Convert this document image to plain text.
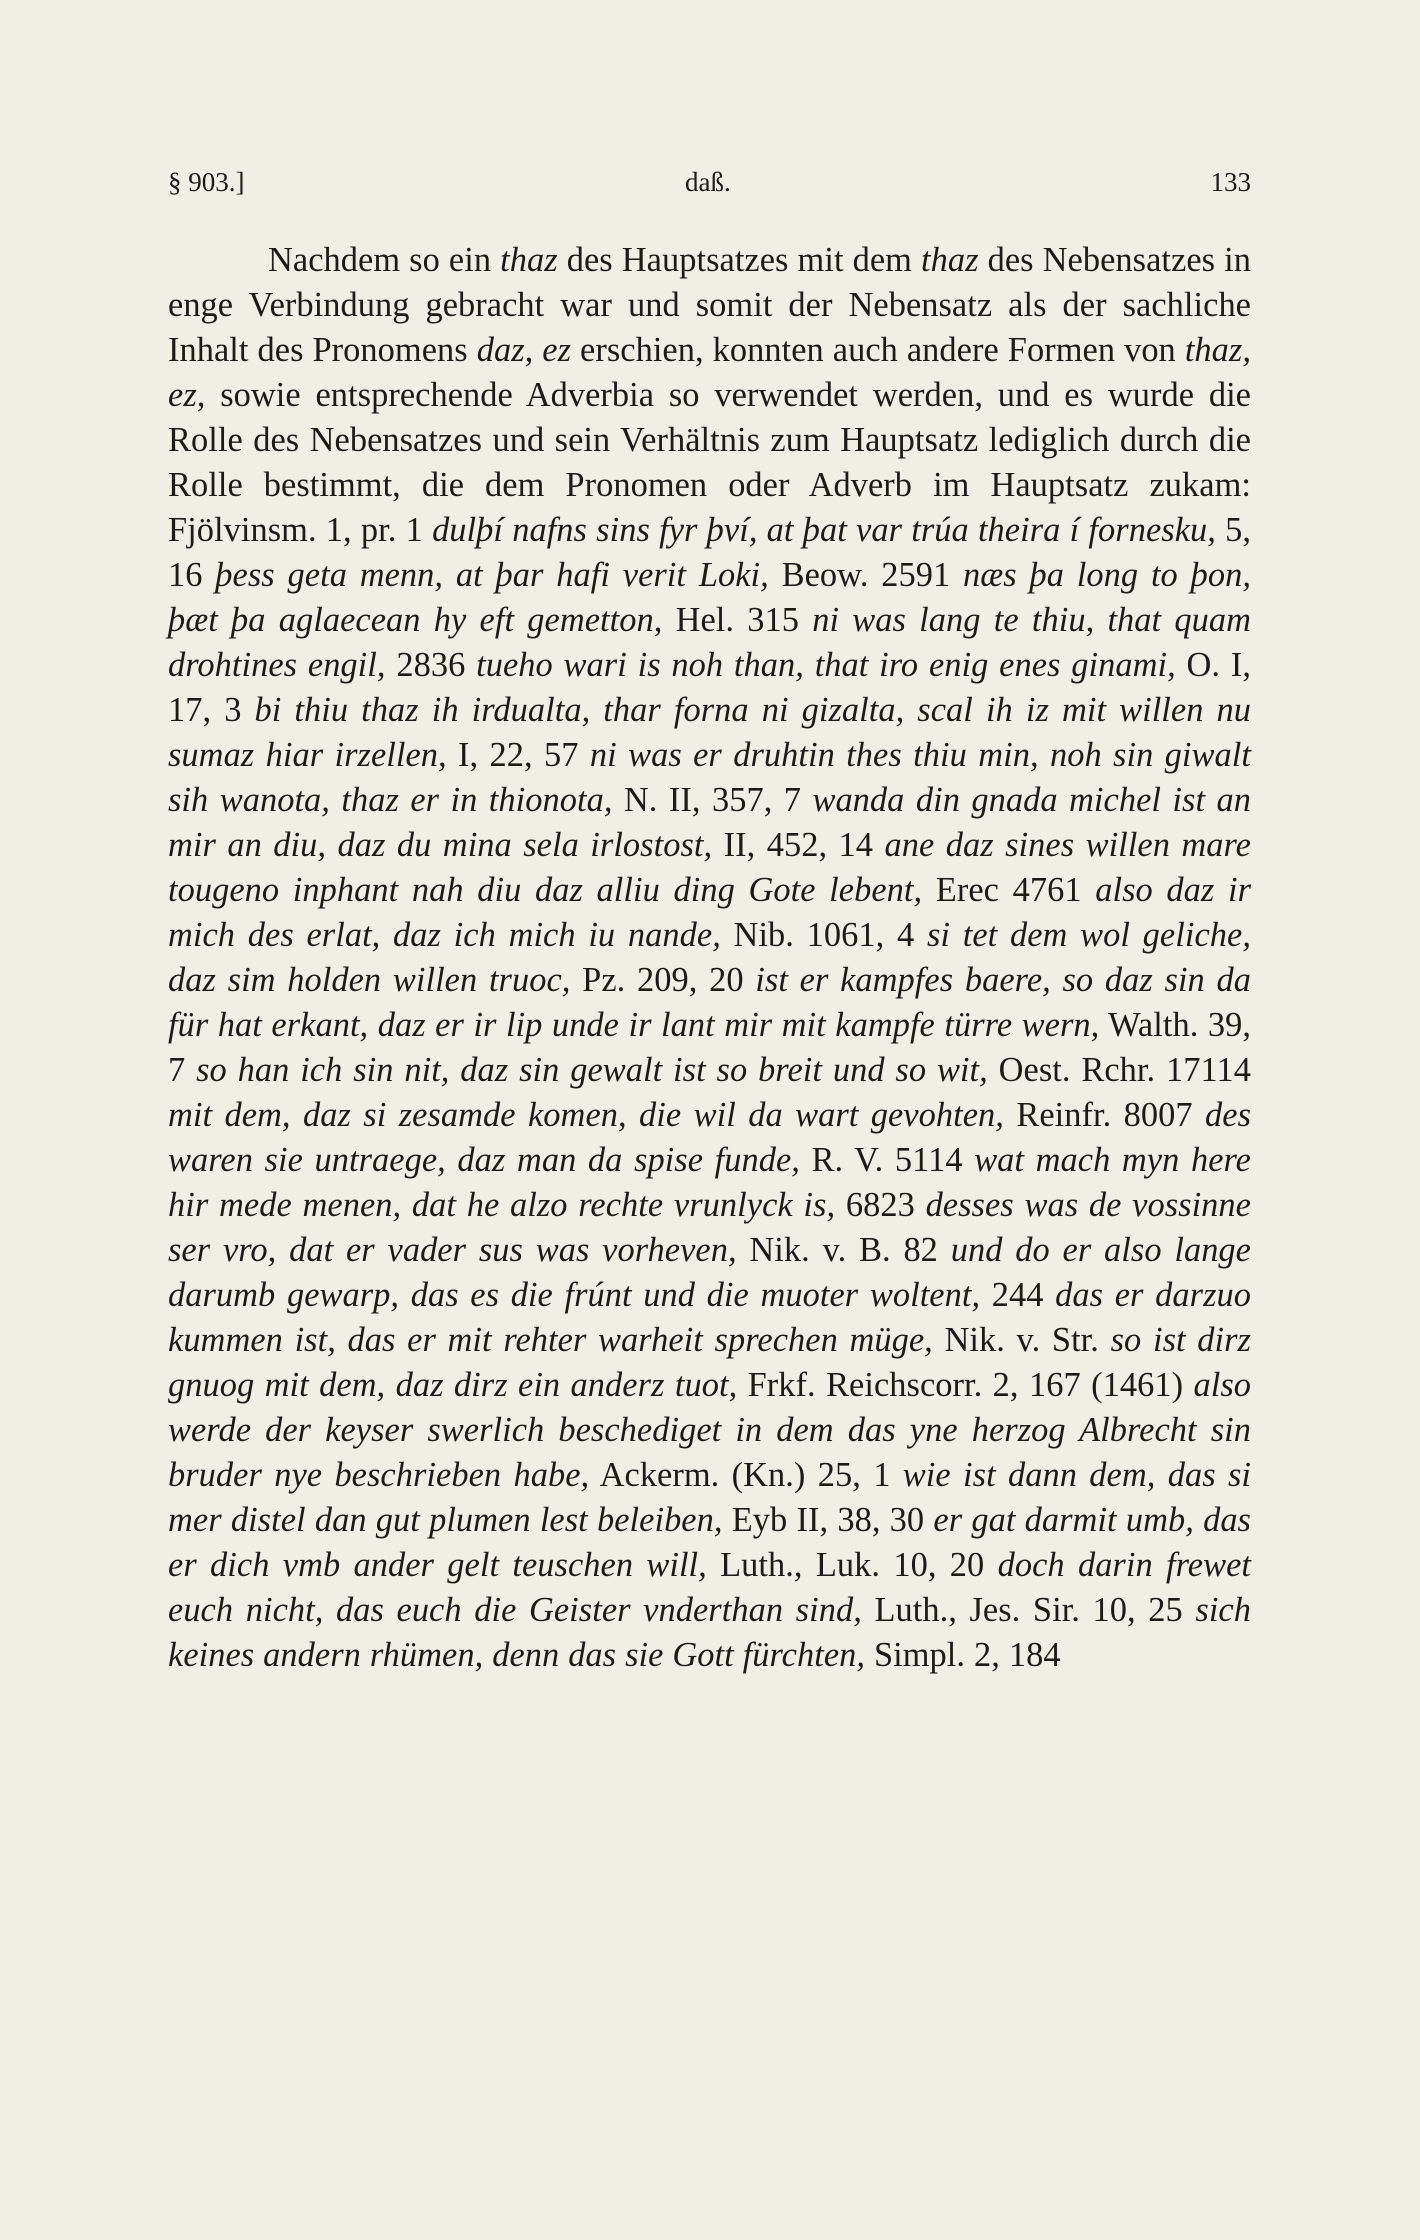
§ 903.]	daß.	133

Nachdem so ein thaz des Hauptsatzes mit dem thaz des Nebensatzes in enge Verbindung gebracht war und somit der Nebensatz als der sachliche Inhalt des Pronomens daz, ez erschien, konnten auch andere Formen von thaz, ez, sowie entsprechende Adverbia so verwendet werden, und es wurde die Rolle des Nebensatzes und sein Verhältnis zum Hauptsatz lediglich durch die Rolle bestimmt, die dem Pronomen oder Adverb im Hauptsatz zukam: Fjölvinsm. 1, pr. 1 dulþí nafns sins fyr því, at þat var trúa theira í fornesku, 5, 16 þess geta menn, at þar hafi verit Loki, Beow. 2591 næs þa long to þon, þæt þa aglaecean hy eft gemetton, Hel. 315 ni was lang te thiu, that quam drohtines engil, 2836 tueho wari is noh than, that iro enig enes ginami, O. I, 17, 3 bi thiu thaz ih irdualta, thar forna ni gizalta, scal ih iz mit willen nu sumaz hiar irzellen, I, 22, 57 ni was er druhtin thes thiu min, noh sin giwalt sih wanota, thaz er in thionota, N. II, 357, 7 wanda din gnada michel ist an mir an diu, daz du mina sela irlostost, II, 452, 14 ane daz sines willen mare tougeno inphant nah diu daz alliu ding Gote lebent, Erec 4761 also daz ir mich des erlat, daz ich mich iu nande, Nib. 1061, 4 si tet dem wol geliche, daz sim holden willen truoc, Pz. 209, 20 ist er kampfes baere, so daz sin da für hat erkant, daz er ir lip unde ir lant mir mit kampfe türre wern, Walth. 39, 7 so han ich sin nit, daz sin gewalt ist so breit und so wit, Oest. Rchr. 17114 mit dem, daz si zesamde komen, die wil da wart gevohten, Reinfr. 8007 des waren sie untraege, daz man da spise funde, R. V. 5114 wat mach myn here hir mede menen, dat he alzo rechte vrunlyck is, 6823 desses was de vossinne ser vro, dat er vader sus was vorheven, Nik. v. B. 82 und do er also lange darumb gewarp, das es die frúnt und die muoter woltent, 244 das er darzuo kummen ist, das er mit rehter warheit sprechen müge, Nik. v. Str. so ist dirz gnuog mit dem, daz dirz ein anderz tuot, Frkf. Reichscorr. 2, 167 (1461) also werde der keyser swerlich beschediget in dem das yne herzog Albrecht sin bruder nye beschrieben habe, Ackerm. (Kn.) 25, 1 wie ist dann dem, das si mer distel dan gut plumen lest beleiben, Eyb II, 38, 30 er gat darmit umb, das er dich vmb ander gelt teuschen will, Luth., Luk. 10, 20 doch darin frewet euch nicht, das euch die Geister vnderthan sind, Luth., Jes. Sir. 10, 25 sich keines andern rhümen, denn das sie Gott fürchten, Simpl. 2, 184
